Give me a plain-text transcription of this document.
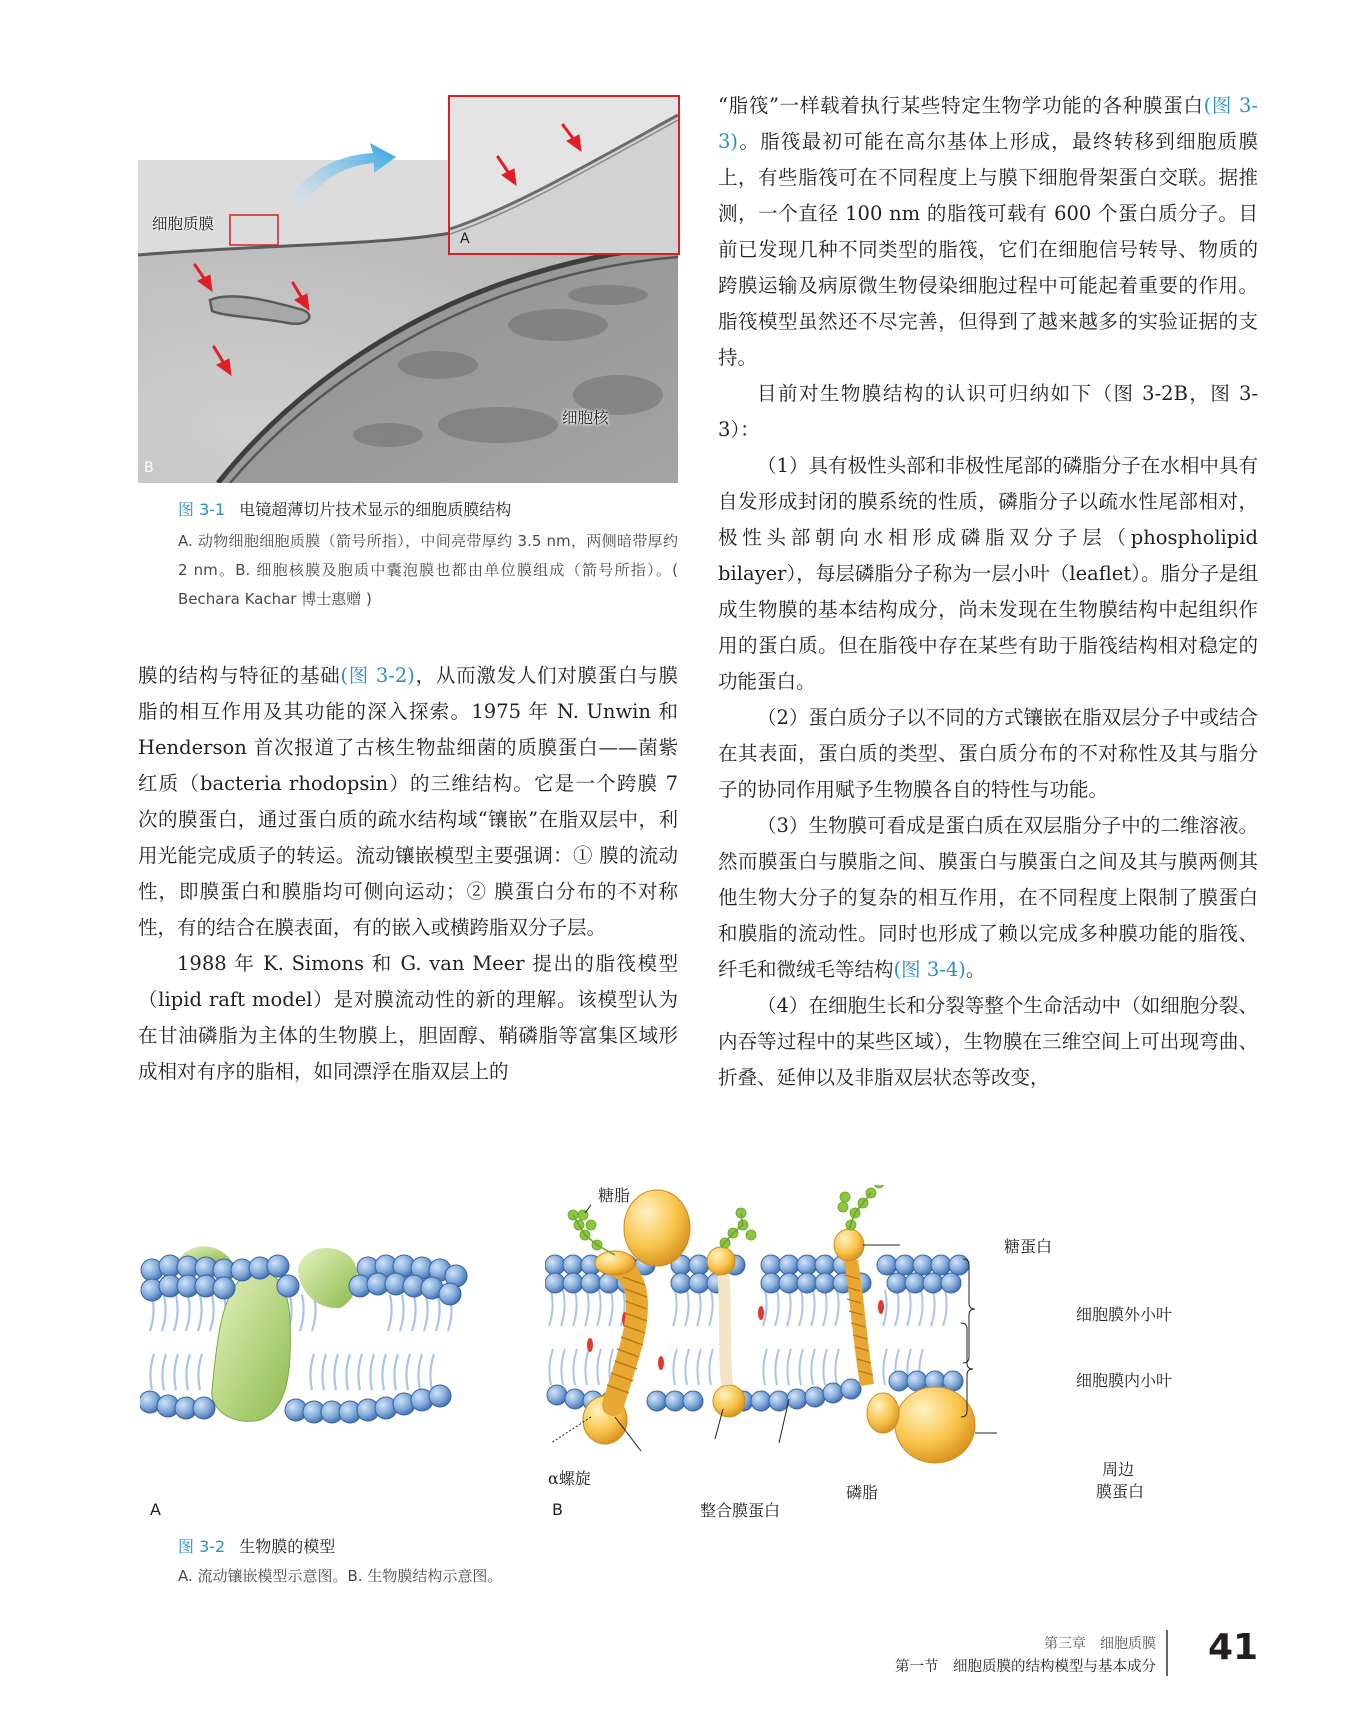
A
细胞质膜
细胞核
B
图 3-1 电镜超薄切片技术显示的细胞质膜结构
A. 动物细胞细胞质膜（箭号所指），中间亮带厚约 3.5 nm，两侧暗带厚约 2 nm。B. 细胞核膜及胞质中囊泡膜也都由单位膜组成（箭号所指）。( Bechara Kachar 博士惠赠 )

膜的结构与特征的基础(图 3-2)，从而激发人们对膜蛋白与膜脂的相互作用及其功能的深入探索。1975 年 N. Unwin 和 Henderson 首次报道了古核生物盐细菌的质膜蛋白——菌紫红质（bacteria rhodopsin）的三维结构。它是一个跨膜 7 次的膜蛋白，通过蛋白质的疏水结构域“镶嵌”在脂双层中，利用光能完成质子的转运。流动镶嵌模型主要强调：① 膜的流动性，即膜蛋白和膜脂均可侧向运动；② 膜蛋白分布的不对称性，有的结合在膜表面，有的嵌入或横跨脂双分子层。

1988 年 K. Simons 和 G. van Meer 提出的脂筏模型（lipid raft model）是对膜流动性的新的理解。该模型认为在甘油磷脂为主体的生物膜上，胆固醇、鞘磷脂等富集区域形成相对有序的脂相，如同漂浮在脂双层上的

“脂筏”一样载着执行某些特定生物学功能的各种膜蛋白(图 3-3)。脂筏最初可能在高尔基体上形成，最终转移到细胞质膜上，有些脂筏可在不同程度上与膜下细胞骨架蛋白交联。据推测，一个直径 100 nm 的脂筏可载有 600 个蛋白质分子。目前已发现几种不同类型的脂筏，它们在细胞信号转导、物质的跨膜运输及病原微生物侵染细胞过程中可能起着重要的作用。脂筏模型虽然还不尽完善，但得到了越来越多的实验证据的支持。

目前对生物膜结构的认识可归纳如下（图 3-2B，图 3-3）：

（1）具有极性头部和非极性尾部的磷脂分子在水相中具有自发形成封闭的膜系统的性质，磷脂分子以疏水性尾部相对，极性头部朝向水相形成磷脂双分子层（phospholipid bilayer），每层磷脂分子称为一层小叶（leaflet）。脂分子是组成生物膜的基本结构成分，尚未发现在生物膜结构中起组织作用的蛋白质。但在脂筏中存在某些有助于脂筏结构相对稳定的功能蛋白。

（2）蛋白质分子以不同的方式镶嵌在脂双层分子中或结合在其表面，蛋白质的类型、蛋白质分布的不对称性及其与脂分子的协同作用赋予生物膜各自的特性与功能。

（3）生物膜可看成是蛋白质在双层脂分子中的二维溶液。然而膜蛋白与膜脂之间、膜蛋白与膜蛋白之间及其与膜两侧其他生物大分子的复杂的相互作用，在不同程度上限制了膜蛋白和膜脂的流动性。同时也形成了赖以完成多种膜功能的脂筏、纤毛和微绒毛等结构(图 3-4)。

（4）在细胞生长和分裂等整个生命活动中（如细胞分裂、内吞等过程中的某些区域），生物膜在三维空间上可出现弯曲、折叠、延伸以及非脂双层状态等改变，

A
糖脂
糖蛋白
细胞膜外小叶
细胞膜内小叶
α螺旋
整合膜蛋白
磷脂
周边
膜蛋白
B
图 3-2 生物膜的模型
A. 流动镶嵌模型示意图。B. 生物膜结构示意图。
第三章　细胞质膜
第一节　细胞质膜的结构模型与基本成分 41
